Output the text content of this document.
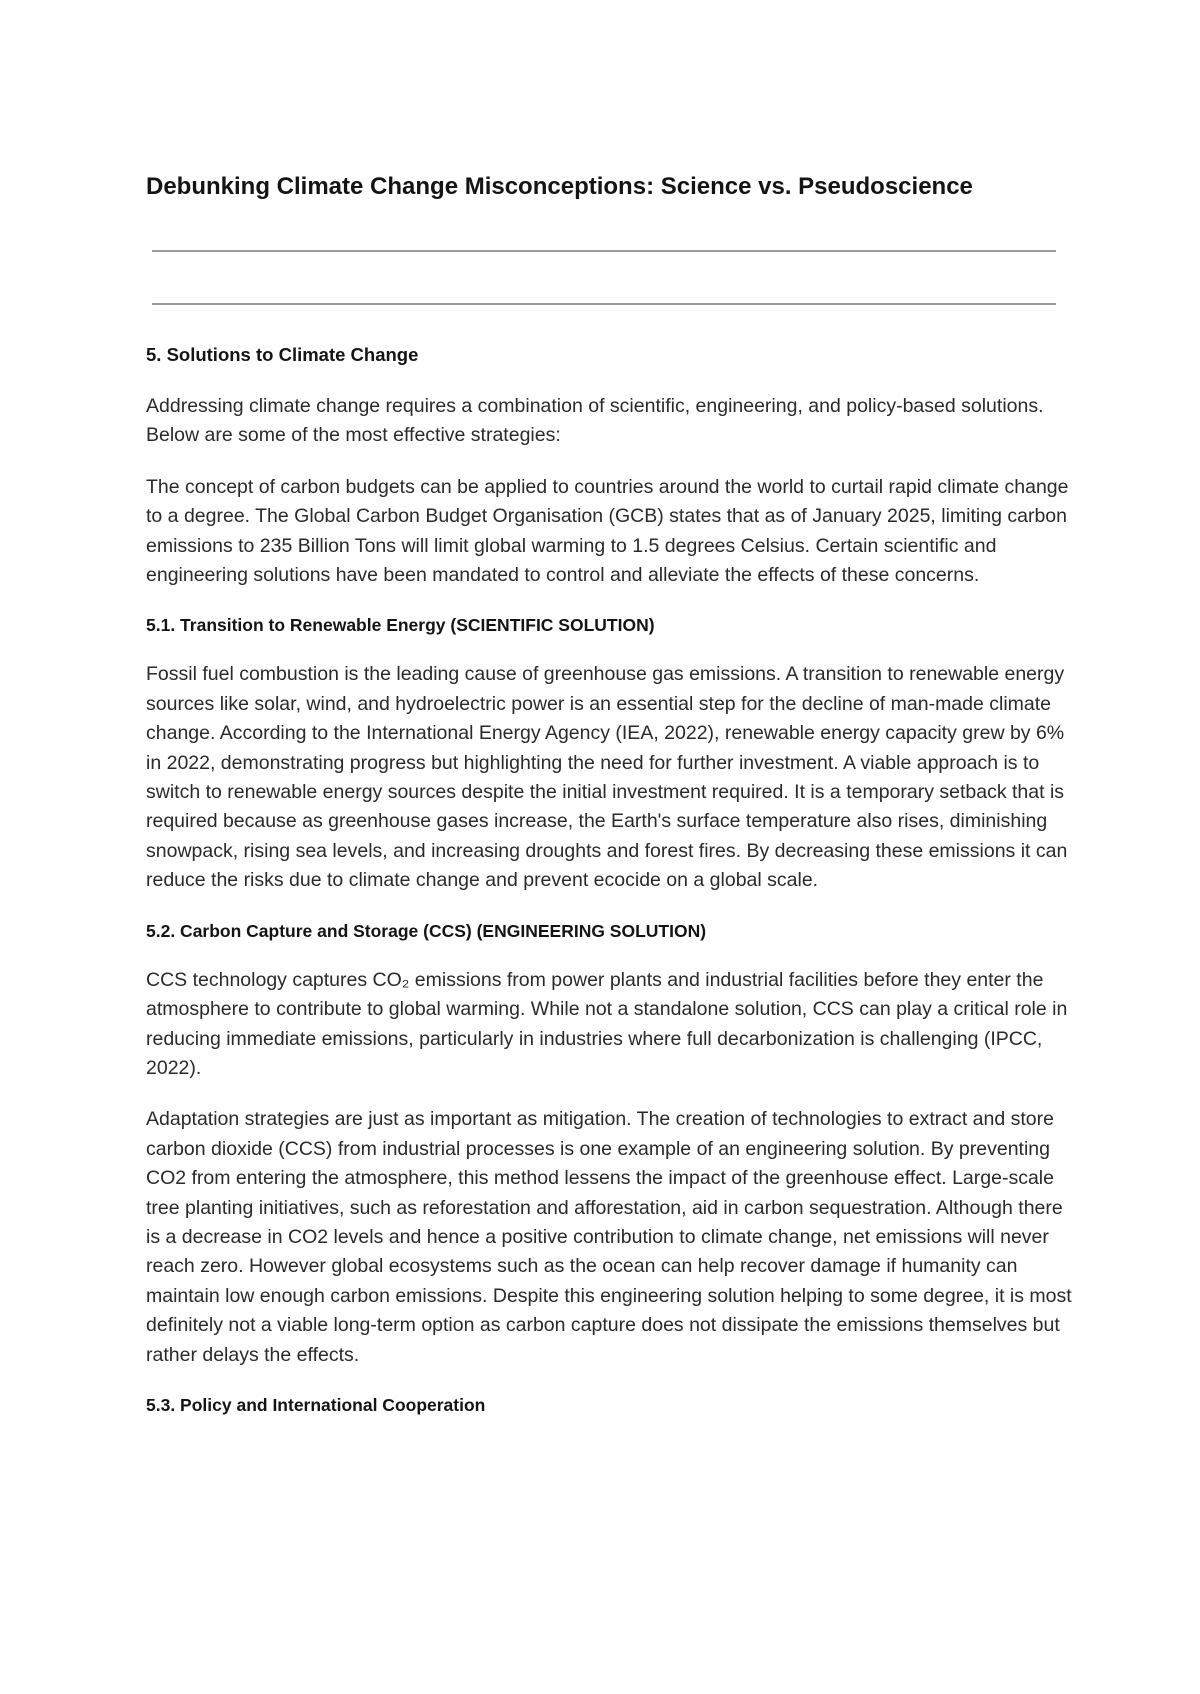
Debunking Climate Change Misconceptions: Science vs. Pseudoscience
5. Solutions to Climate Change

Addressing climate change requires a combination of scientific, engineering, and policy-based solutions. Below are some of the most effective strategies:

The concept of carbon budgets can be applied to countries around the world to curtail rapid climate change to a degree. The Global Carbon Budget Organisation (GCB) states that as of January 2025, limiting carbon emissions to 235 Billion Tons will limit global warming to 1.5 degrees Celsius. Certain scientific and engineering solutions have been mandated to control and alleviate the effects of these concerns.

5.1. Transition to Renewable Energy (SCIENTIFIC SOLUTION)

Fossil fuel combustion is the leading cause of greenhouse gas emissions. A transition to renewable energy sources like solar, wind, and hydroelectric power is an essential step for the decline of man-made climate change. According to the International Energy Agency (IEA, 2022), renewable energy capacity grew by 6% in 2022, demonstrating progress but highlighting the need for further investment. A viable approach is to switch to renewable energy sources despite the initial investment required. It is a temporary setback that is required because as greenhouse gases increase, the Earth's surface temperature also rises, diminishing snowpack, rising sea levels, and increasing droughts and forest fires. By decreasing these emissions it can reduce the risks due to climate change and prevent ecocide on a global scale.

5.2. Carbon Capture and Storage (CCS) (ENGINEERING SOLUTION)

CCS technology captures CO₂ emissions from power plants and industrial facilities before they enter the atmosphere to contribute to global warming. While not a standalone solution, CCS can play a critical role in reducing immediate emissions, particularly in industries where full decarbonization is challenging (IPCC, 2022).

Adaptation strategies are just as important as mitigation. The creation of technologies to extract and store carbon dioxide (CCS) from industrial processes is one example of an engineering solution. By preventing CO2 from entering the atmosphere, this method lessens the impact of the greenhouse effect. Large-scale tree planting initiatives, such as reforestation and afforestation, aid in carbon sequestration. Although there is a decrease in CO2 levels and hence a positive contribution to climate change, net emissions will never reach zero. However global ecosystems such as the ocean can help recover damage if humanity can maintain low enough carbon emissions. Despite this engineering solution helping to some degree, it is most definitely not a viable long-term option as carbon capture does not dissipate the emissions themselves but rather delays the effects.

5.3. Policy and International Cooperation
